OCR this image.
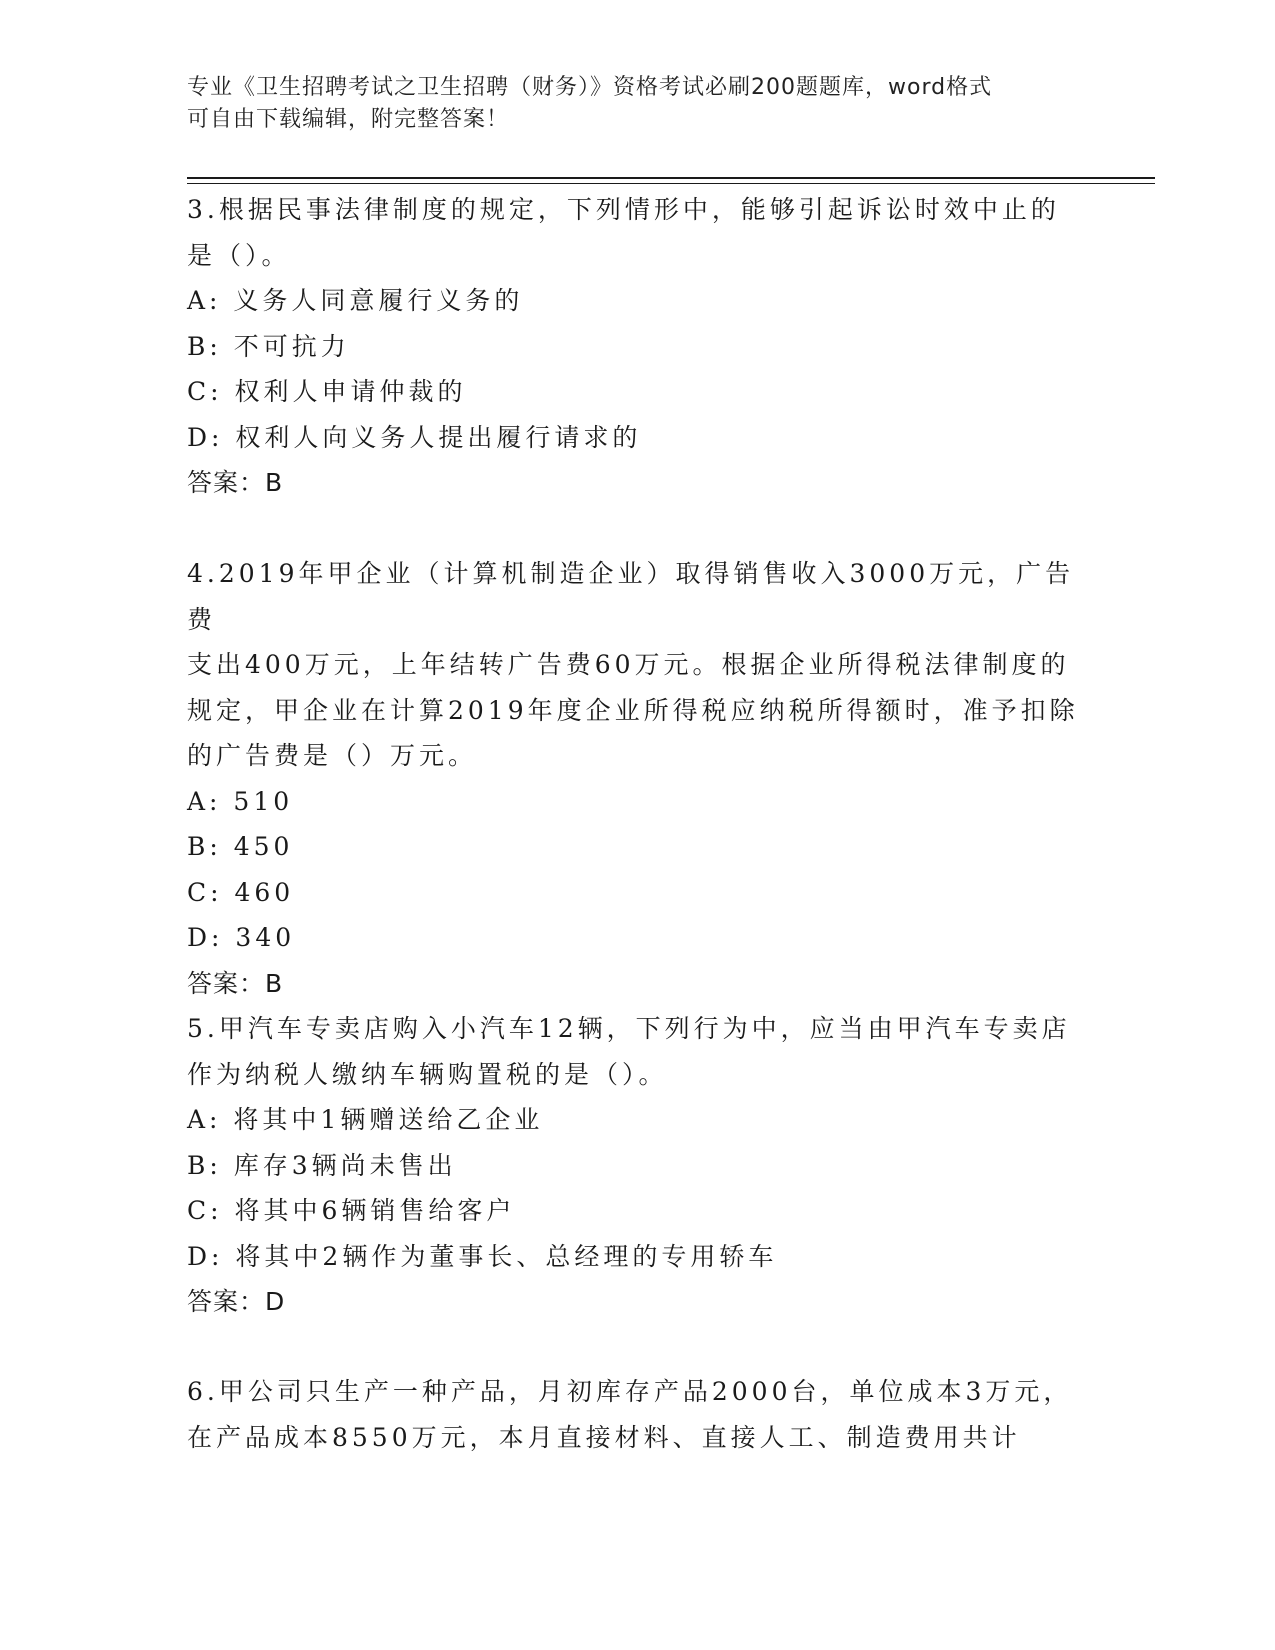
专业《卫生招聘考试之卫生招聘（财务）》资格考试必刷200题题库，word格式
可自由下载编辑，附完整答案！
3.根据民事法律制度的规定，下列情形中，能够引起诉讼时效中止的
是（）。
A: 义务人同意履行义务的
B: 不可抗力
C: 权利人申请仲裁的
D: 权利人向义务人提出履行请求的
答案：B
4.2019年甲企业（计算机制造企业）取得销售收入3000万元，广告费
支出400万元，上年结转广告费60万元。根据企业所得税法律制度的
规定，甲企业在计算2019年度企业所得税应纳税所得额时，准予扣除
的广告费是（）万元。
A: 510
B: 450
C: 460
D: 340
答案：B
5.甲汽车专卖店购入小汽车12辆，下列行为中，应当由甲汽车专卖店
作为纳税人缴纳车辆购置税的是（）。
A: 将其中1辆赠送给乙企业
B: 库存3辆尚未售出
C: 将其中6辆销售给客户
D: 将其中2辆作为董事长、总经理的专用轿车
答案：D
6.甲公司只生产一种产品，月初库存产品2000台，单位成本3万元，
在产品成本8550万元，本月直接材料、直接人工、制造费用共计
